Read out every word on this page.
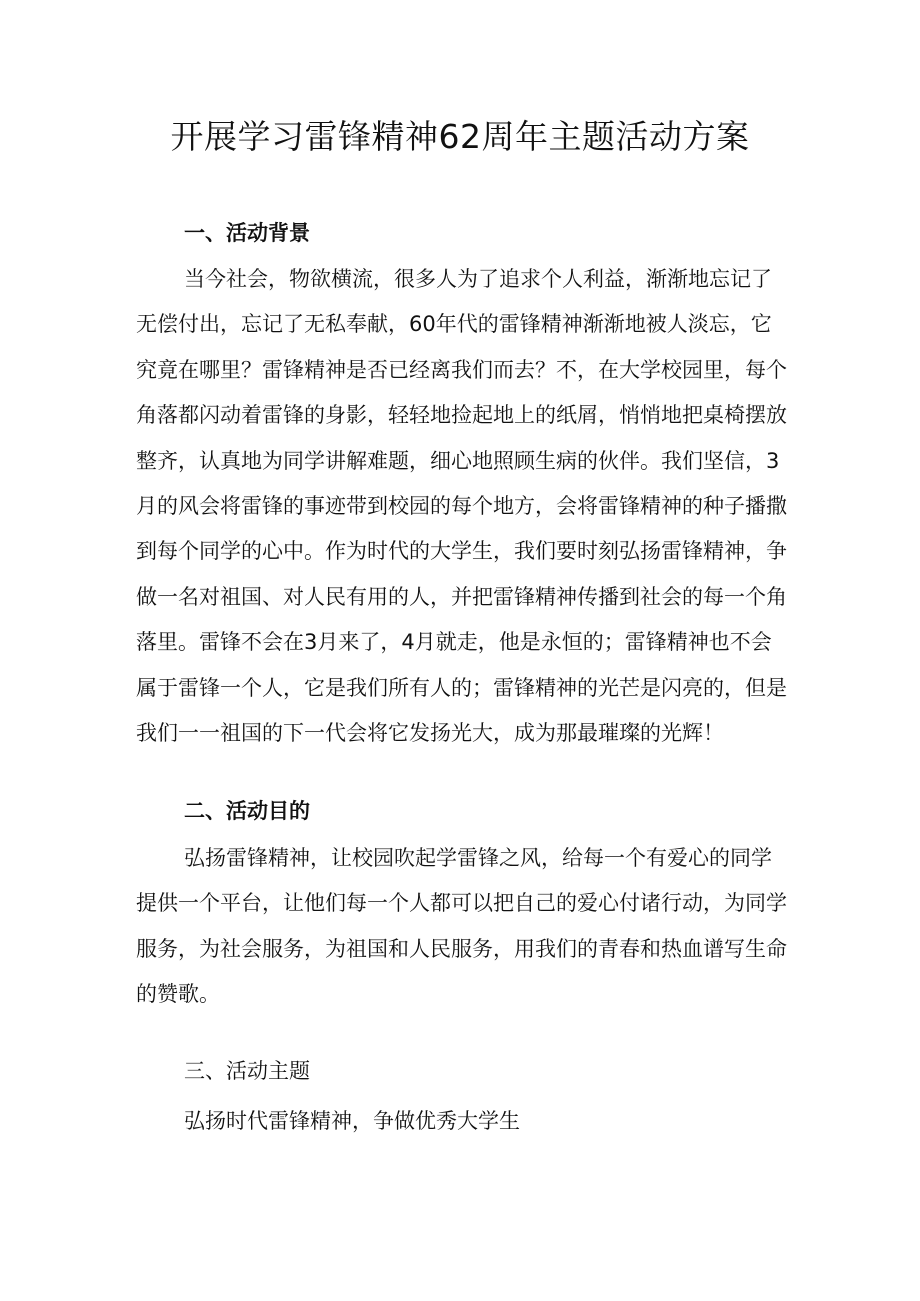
开展学习雷锋精神62周年主题活动方案
一、活动背景
当今社会，物欲横流，很多人为了追求个人利益，渐渐地忘记了
无偿付出，忘记了无私奉献，60年代的雷锋精神渐渐地被人淡忘，它
究竟在哪里？雷锋精神是否已经离我们而去？不，在大学校园里，每个
角落都闪动着雷锋的身影，轻轻地捡起地上的纸屑，悄悄地把桌椅摆放
整齐，认真地为同学讲解难题，细心地照顾生病的伙伴。我们坚信，3
月的风会将雷锋的事迹带到校园的每个地方，会将雷锋精神的种子播撒
到每个同学的心中。作为时代的大学生，我们要时刻弘扬雷锋精神，争
做一名对祖国、对人民有用的人，并把雷锋精神传播到社会的每一个角
落里。雷锋不会在3月来了，4月就走，他是永恒的；雷锋精神也不会
属于雷锋一个人，它是我们所有人的；雷锋精神的光芒是闪亮的，但是
我们一一祖国的下一代会将它发扬光大，成为那最璀璨的光辉！
二、活动目的
弘扬雷锋精神，让校园吹起学雷锋之风，给每一个有爱心的同学
提供一个平台，让他们每一个人都可以把自己的爱心付诸行动，为同学
服务，为社会服务，为祖国和人民服务，用我们的青春和热血谱写生命
的赞歌。
三、活动主题

弘扬时代雷锋精神，争做优秀大学生
